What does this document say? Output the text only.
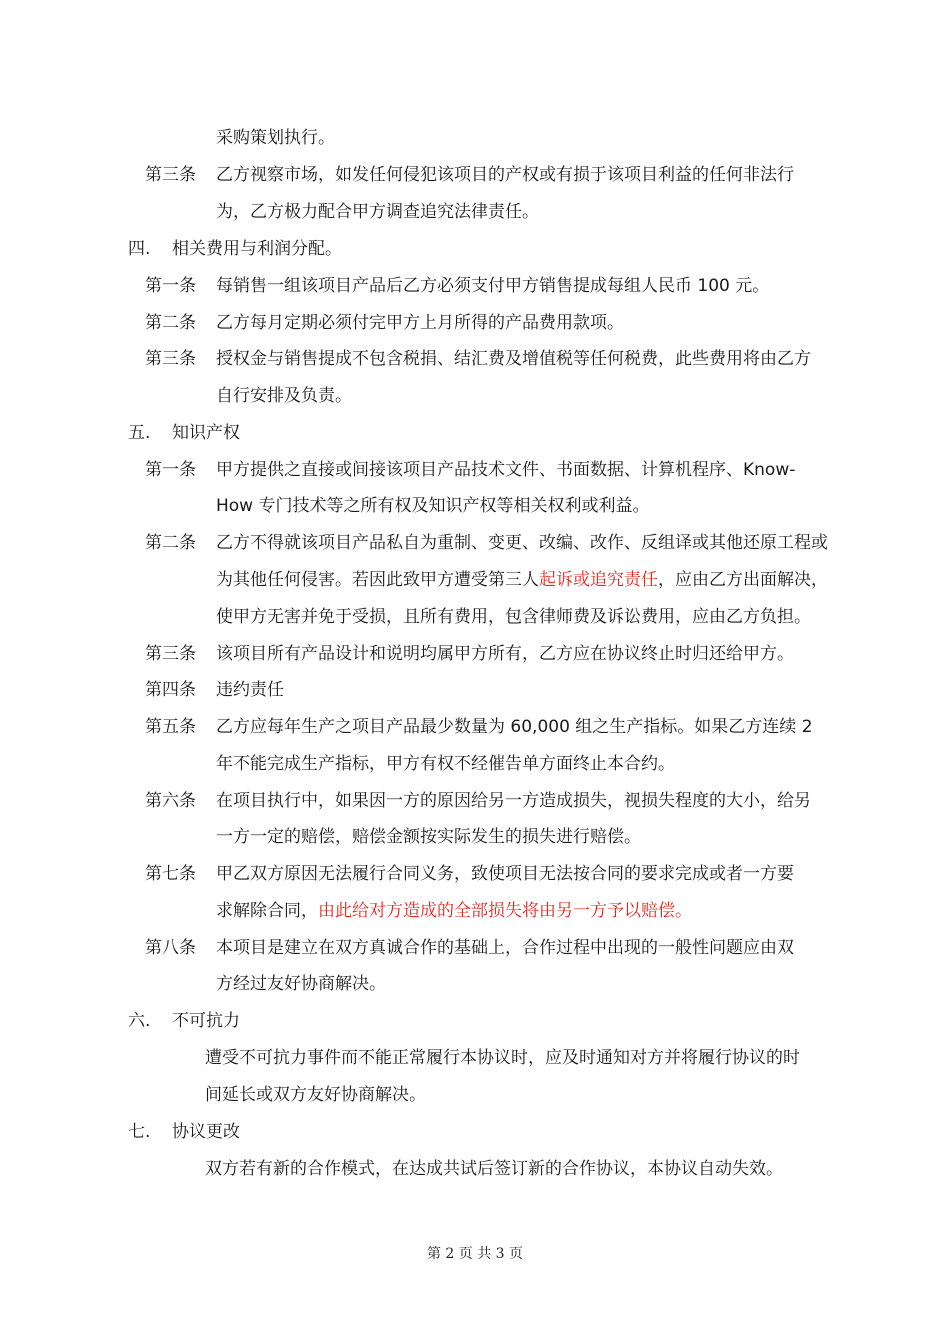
采购策划执行。
第三条 乙方视察市场，如发任何侵犯该项目的产权或有损于该项目利益的任何非法行
为，乙方极力配合甲方调查追究法律责任。
四. 相关费用与利润分配。
第一条 每销售一组该项目产品后乙方必须支付甲方销售提成每组人民币 100 元。
第二条 乙方每月定期必须付完甲方上月所得的产品费用款项。
第三条 授权金与销售提成不包含税捐、结汇费及增值税等任何税费，此些费用将由乙方
自行安排及负责。
五. 知识产权
第一条 甲方提供之直接或间接该项目产品技术文件、书面数据、计算机程序、Know-
How 专门技术等之所有权及知识产权等相关权利或利益。
第二条 乙方不得就该项目产品私自为重制、变更、改编、改作、反组译或其他还原工程或
为其他任何侵害。若因此致甲方遭受第三人起诉或追究责任，应由乙方出面解决，
使甲方无害并免于受损，且所有费用，包含律师费及诉讼费用，应由乙方负担。
第三条 该项目所有产品设计和说明均属甲方所有，乙方应在协议终止时归还给甲方。
第四条 违约责任
第五条 乙方应每年生产之项目产品最少数量为 60,000 组之生产指标。如果乙方连续 2
年不能完成生产指标，甲方有权不经催告单方面终止本合约。
第六条 在项目执行中，如果因一方的原因给另一方造成损失，视损失程度的大小，给另
一方一定的赔偿，赔偿金额按实际发生的损失进行赔偿。
第七条 甲乙双方原因无法履行合同义务，致使项目无法按合同的要求完成或者一方要
求解除合同，由此给对方造成的全部损失将由另一方予以赔偿。
第八条 本项目是建立在双方真诚合作的基础上，合作过程中出现的一般性问题应由双
方经过友好协商解决。
六. 不可抗力
遭受不可抗力事件而不能正常履行本协议时，应及时通知对方并将履行协议的时
间延长或双方友好协商解决。
七. 协议更改
双方若有新的合作模式，在达成共试后签订新的合作协议，本协议自动失效。
第 2 页 共 3 页
